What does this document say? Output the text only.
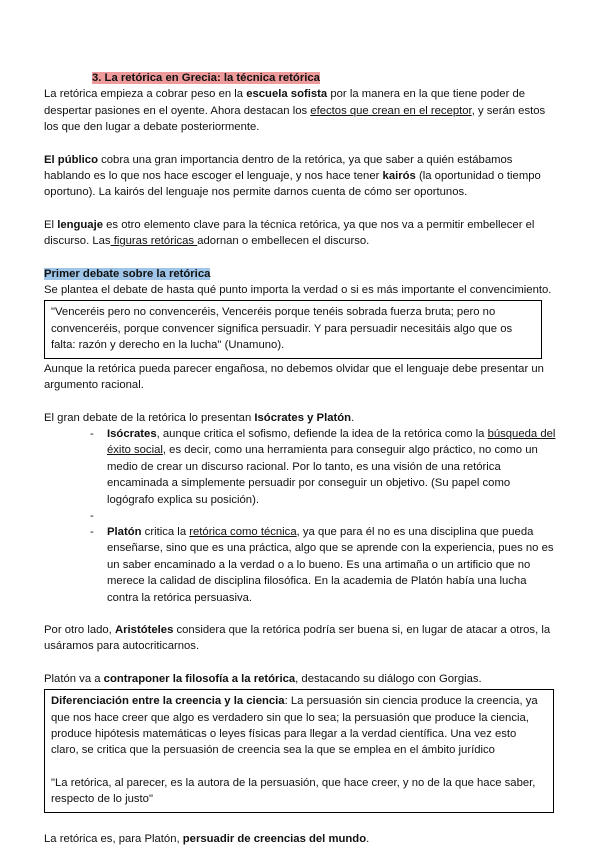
3. La retórica en Grecia: la técnica retórica

La retórica empieza a cobrar peso en la escuela sofista por la manera en la que tiene poder de despertar pasiones en el oyente. Ahora destacan los efectos que crean en el receptor, y serán estos los que den lugar a debate posteriormente.

El público cobra una gran importancia dentro de la retórica, ya que saber a quién estábamos hablando es lo que nos hace escoger el lenguaje, y nos hace tener kairós (la oportunidad o tiempo oportuno). La kairós del lenguaje nos permite darnos cuenta de cómo ser oportunos.

El lenguaje es otro elemento clave para la técnica retórica, ya que nos va a permitir embellecer el discurso. Las figuras retóricas adornan o embellecen el discurso.

Primer debate sobre la retórica

Se plantea el debate de hasta qué punto importa la verdad o si es más importante el convencimiento.

"Venceréis pero no convenceréis, Venceréis porque tenéis sobrada fuerza bruta; pero no convenceréis, porque convencer significa persuadir. Y para persuadir necesitáis algo que os falta: razón y derecho en la lucha" (Unamuno).

Aunque la retórica pueda parecer engañosa, no debemos olvidar que el lenguaje debe presentar un argumento racional.

El gran debate de la retórica lo presentan Isócrates y Platón.

- Isócrates, aunque critica el sofismo, defiende la idea de la retórica como la búsqueda del éxito social, es decir, como una herramienta para conseguir algo práctico, no como un medio de crear un discurso racional. Por lo tanto, es una visión de una retórica encaminada a simplemente persuadir por conseguir un objetivo. (Su papel como logógrafo explica su posición).
-
- Platón critica la retórica como técnica, ya que para él no es una disciplina que pueda enseñarse, sino que es una práctica, algo que se aprende con la experiencia, pues no es un saber encaminado a la verdad o a lo bueno. Es una artimaña o un artificio que no merece la calidad de disciplina filosófica. En la academia de Platón había una lucha contra la retórica persuasiva.

Por otro lado, Aristóteles considera que la retórica podría ser buena si, en lugar de atacar a otros, la usáramos para autocriticarnos.

Platón va a contraponer la filosofía a la retórica, destacando su diálogo con Gorgias.

Diferenciación entre la creencia y la ciencia: La persuasión sin ciencia produce la creencia, ya que nos hace creer que algo es verdadero sin que lo sea; la persuasión que produce la ciencia, produce hipótesis matemáticas o leyes físicas para llegar a la verdad científica. Una vez esto claro, se critica que la persuasión de creencia sea la que se emplea en el ámbito jurídico

"La retórica, al parecer, es la autora de la persuasión, que hace creer, y no de la que hace saber, respecto de lo justo"

La retórica es, para Platón, persuadir de creencias del mundo.
